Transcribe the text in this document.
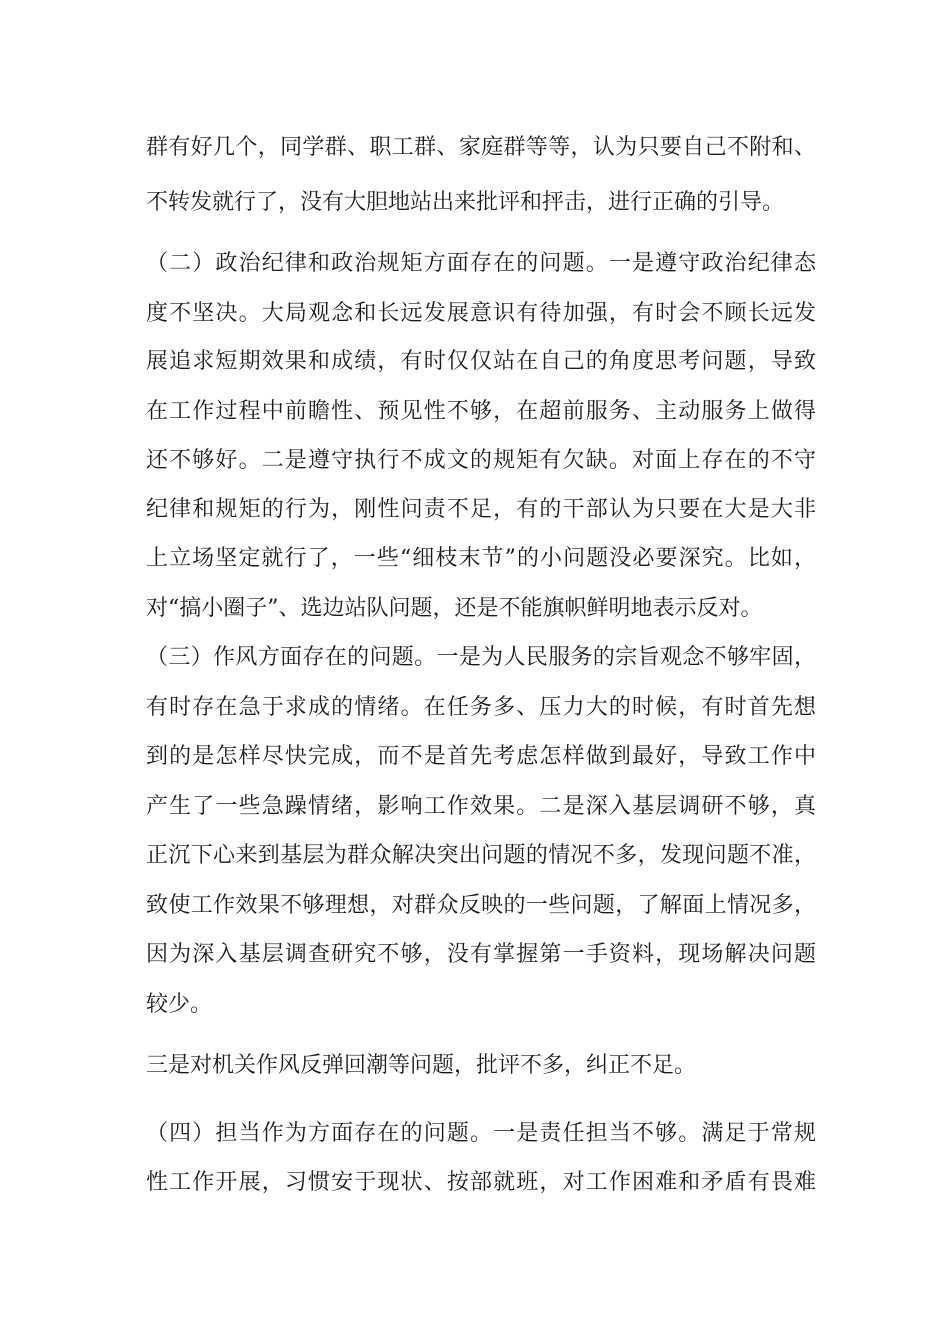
群有好几个，同学群、职工群、家庭群等等，认为只要自己不附和、
不转发就行了，没有大胆地站出来批评和抨击，进行正确的引导。
（二）政治纪律和政治规矩方面存在的问题。一是遵守政治纪律态
度不坚决。大局观念和长远发展意识有待加强，有时会不顾长远发
展追求短期效果和成绩，有时仅仅站在自己的角度思考问题，导致
在工作过程中前瞻性、预见性不够，在超前服务、主动服务上做得
还不够好。二是遵守执行不成文的规矩有欠缺。对面上存在的不守
纪律和规矩的行为，刚性问责不足，有的干部认为只要在大是大非
上立场坚定就行了，一些“细枝末节”的小问题没必要深究。比如，
对“搞小圈子”、选边站队问题，还是不能旗帜鲜明地表示反对。
（三）作风方面存在的问题。一是为人民服务的宗旨观念不够牢固，
有时存在急于求成的情绪。在任务多、压力大的时候，有时首先想
到的是怎样尽快完成，而不是首先考虑怎样做到最好，导致工作中
产生了一些急躁情绪，影响工作效果。二是深入基层调研不够，真
正沉下心来到基层为群众解决突出问题的情况不多，发现问题不准，
致使工作效果不够理想，对群众反映的一些问题，了解面上情况多，
因为深入基层调查研究不够，没有掌握第一手资料，现场解决问题
较少。
三是对机关作风反弹回潮等问题，批评不多，纠正不足。
（四）担当作为方面存在的问题。一是责任担当不够。满足于常规
性工作开展，习惯安于现状、按部就班，对工作困难和矛盾有畏难
